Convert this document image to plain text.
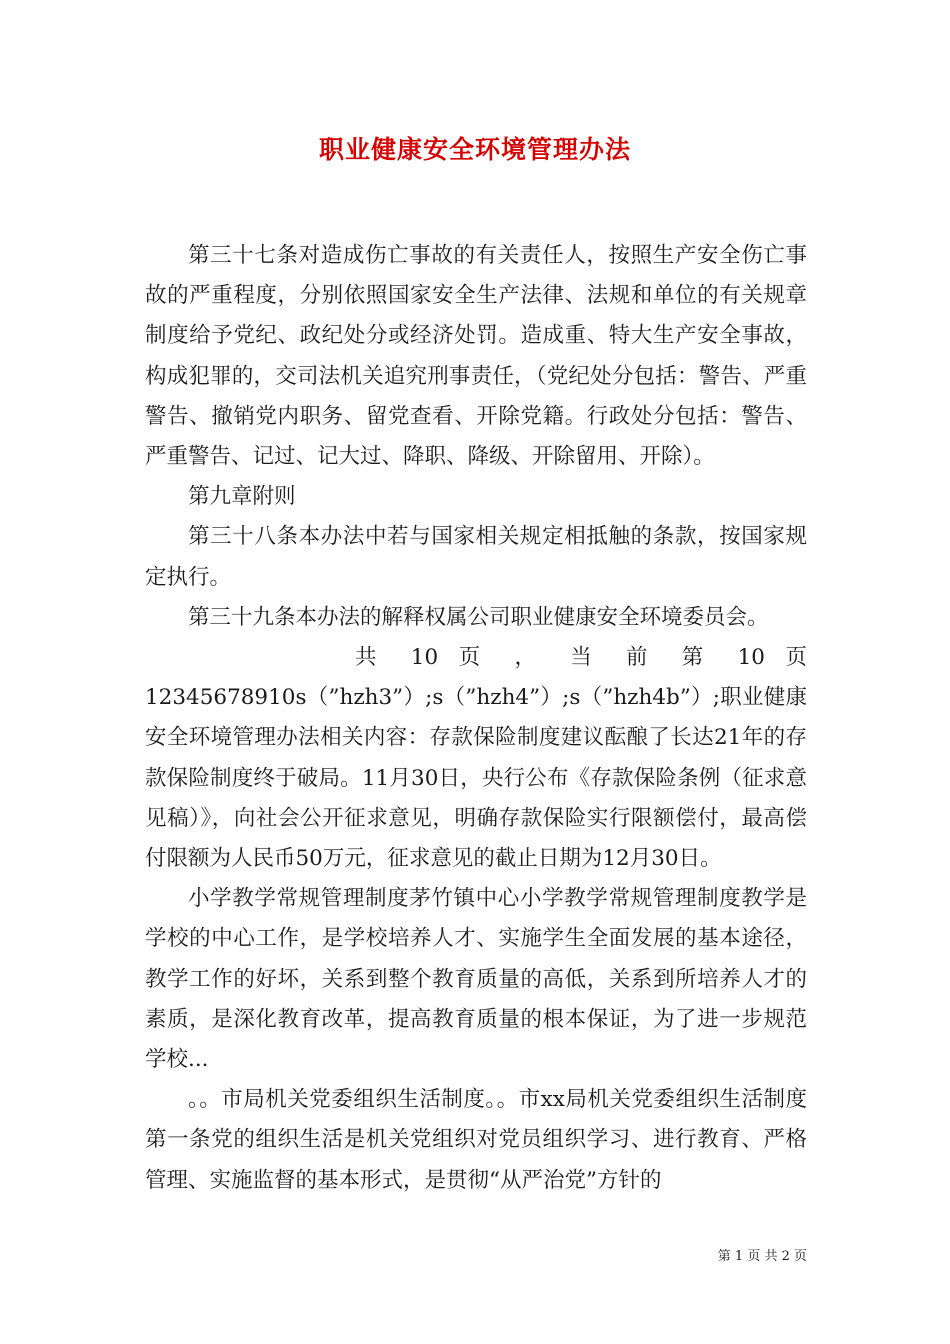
职业健康安全环境管理办法

第三十七条对造成伤亡事故的有关责任人，按照生产安全伤亡事故的严重程度，分别依照国家安全生产法律、法规和单位的有关规章制度给予党纪、政纪处分或经济处罚。造成重、特大生产安全事故，构成犯罪的，交司法机关追究刑事责任，（党纪处分包括：警告、严重警告、撤销党内职务、留党查看、开除党籍。行政处分包括：警告、严重警告、记过、记大过、降职、降级、开除留用、开除）。

第九章附则

第三十八条本办法中若与国家相关规定相抵触的条款，按国家规定执行。

第三十九条本办法的解释权属公司职业健康安全环境委员会。

共 10 页 ， 当 前 第 10 页

12345678910s（”hzh3”）;s（”hzh4”）;s（”hzh4b”）;职业健康安全环境管理办法相关内容：存款保险制度建议酝酿了长达21年的存款保险制度终于破局。11月30日，央行公布《存款保险条例（征求意见稿）》，向社会公开征求意见，明确存款保险实行限额偿付，最高偿付限额为人民币50万元，征求意见的截止日期为12月30日。

小学教学常规管理制度茅竹镇中心小学教学常规管理制度教学是学校的中心工作，是学校培养人才、实施学生全面发展的基本途径，教学工作的好坏，关系到整个教育质量的高低，关系到所培养人才的素质，是深化教育改革，提高教育质量的根本保证，为了进一步规范学校...

。。市局机关党委组织生活制度。。市xx局机关党委组织生活制度第一条党的组织生活是机关党组织对党员组织学习、进行教育、严格管理、实施监督的基本形式，是贯彻“从严治党”方针的

第 1 页 共 2 页
